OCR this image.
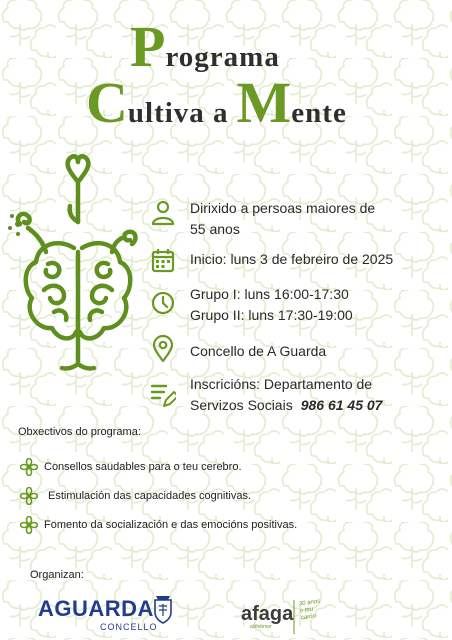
Programa
Cultiva a Mente
Dirixido a persoas maiores de
55 anos
Inicio: luns 3 de febreiro de 2025
Grupo I: luns 16:00-17:30
Grupo II: luns 17:30-19:00
Concello de A Guarda
Inscricións: Departamento de
Servizos Sociais 986 61 45 07
Obxectivos do programa:
Consellos saudables para o teu cerebro.
Estimulación das capacidades cognitivas.
Fomento da socialización e das emocións positivas.
Organizan:
AGUARDA
CONCELLO
afaga
alzhéimer
30 anos
o teu
carón
